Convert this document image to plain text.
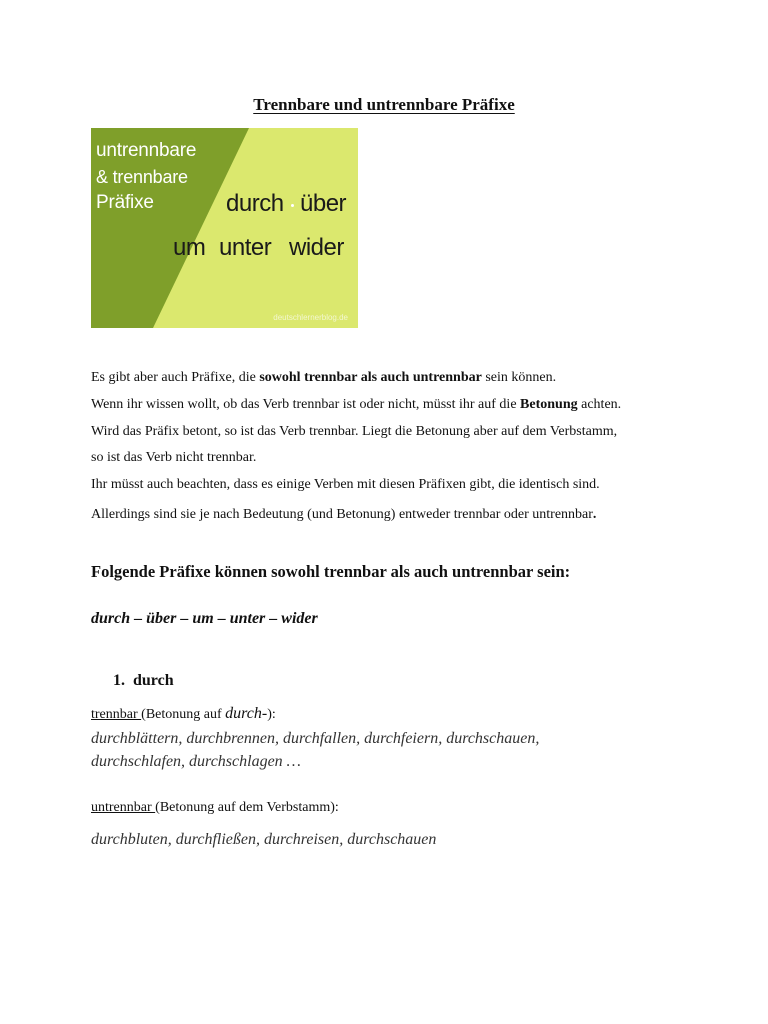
Trennbare und untrennbare Präfixe
untrennbare
& trennbare
Präfixe	durch über
um unter wider
deutschlernerblog.de
Es gibt aber auch Präfixe, die sowohl trennbar als auch untrennbar sein können.
Wenn ihr wissen wollt, ob das Verb trennbar ist oder nicht, müsst ihr auf die Betonung achten.
Wird das Präfix betont, so ist das Verb trennbar. Liegt die Betonung aber auf dem Verbstamm,
so ist das Verb nicht trennbar.
Ihr müsst auch beachten, dass es einige Verben mit diesen Präfixen gibt, die identisch sind.
Allerdings sind sie je nach Bedeutung (und Betonung) entweder trennbar oder untrennbar.
Folgende Präfixe können sowohl trennbar als auch untrennbar sein:
durch – über – um – unter – wider
1. durch
trennbar (Betonung auf durch-):
durchblättern, durchbrennen, durchfallen, durchfeiern, durchschauen,
durchschlafen, durchschlagen …
untrennbar (Betonung auf dem Verbstamm):
durchbluten, durchfließen, durchreisen, durchschauen
